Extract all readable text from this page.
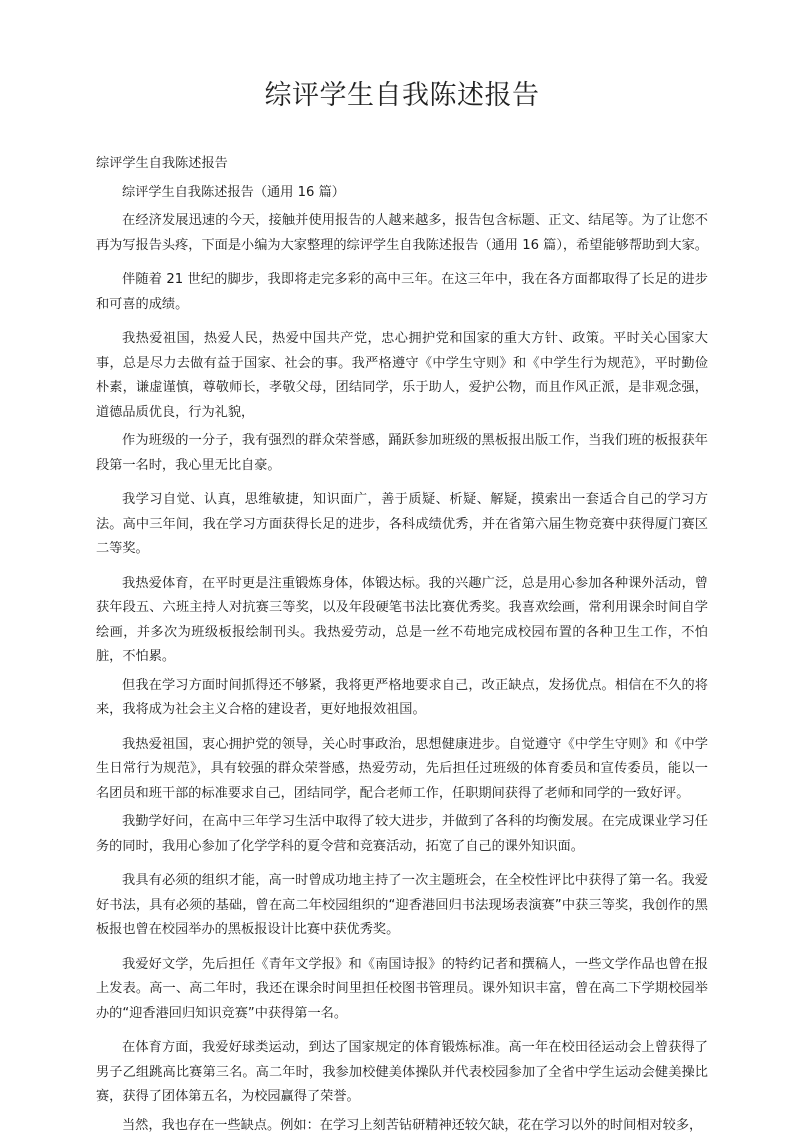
综评学生自我陈述报告

综评学生自我陈述报告

综评学生自我陈述报告（通用 16 篇）

在经济发展迅速的今天，接触并使用报告的人越来越多，报告包含标题、正文、结尾等。为了让您不再为写报告头疼，下面是小编为大家整理的综评学生自我陈述报告（通用 16 篇），希望能够帮助到大家。

伴随着 21 世纪的脚步，我即将走完多彩的高中三年。在这三年中，我在各方面都取得了长足的进步和可喜的成绩。

我热爱祖国，热爱人民，热爱中国共产党，忠心拥护党和国家的重大方针、政策。平时关心国家大事，总是尽力去做有益于国家、社会的事。我严格遵守《中学生守则》和《中学生行为规范》，平时勤俭朴素，谦虚谨慎，尊敬师长，孝敬父母，团结同学，乐于助人，爱护公物，而且作风正派，是非观念强，道德品质优良，行为礼貌，

作为班级的一分子，我有强烈的群众荣誉感，踊跃参加班级的黑板报出版工作，当我们班的板报获年段第一名时，我心里无比自豪。

我学习自觉、认真，思维敏捷，知识面广，善于质疑、析疑、解疑，摸索出一套适合自己的学习方法。高中三年间，我在学习方面获得长足的进步，各科成绩优秀，并在省第六届生物竞赛中获得厦门赛区二等奖。

我热爱体育，在平时更是注重锻炼身体，体锻达标。我的兴趣广泛，总是用心参加各种课外活动，曾获年段五、六班主持人对抗赛三等奖，以及年段硬笔书法比赛优秀奖。我喜欢绘画，常利用课余时间自学绘画，并多次为班级板报绘制刊头。我热爱劳动，总是一丝不苟地完成校园布置的各种卫生工作，不怕脏，不怕累。

但我在学习方面时间抓得还不够紧，我将更严格地要求自己，改正缺点，发扬优点。相信在不久的将来，我将成为社会主义合格的建设者，更好地报效祖国。

我热爱祖国，衷心拥护党的领导，关心时事政治，思想健康进步。自觉遵守《中学生守则》和《中学生日常行为规范》，具有较强的群众荣誉感，热爱劳动，先后担任过班级的体育委员和宣传委员，能以一名团员和班干部的标准要求自己，团结同学，配合老师工作，任职期间获得了老师和同学的一致好评。

我勤学好问，在高中三年学习生活中取得了较大进步，并做到了各科的均衡发展。在完成课业学习任务的同时，我用心参加了化学学科的夏令营和竞赛活动，拓宽了自己的课外知识面。

我具有必须的组织才能，高一时曾成功地主持了一次主题班会，在全校性评比中获得了第一名。我爱好书法，具有必须的基础，曾在高二年校园组织的“迎香港回归书法现场表演赛”中获三等奖，我创作的黑板报也曾在校园举办的黑板报设计比赛中获优秀奖。

我爱好文学，先后担任《青年文学报》和《南国诗报》的特约记者和撰稿人，一些文学作品也曾在报上发表。高一、高二年时，我还在课余时间里担任校图书管理员。课外知识丰富，曾在高二下学期校园举办的“迎香港回归知识竞赛”中获得第一名。

在体育方面，我爱好球类运动，到达了国家规定的体育锻炼标准。高一年在校田径运动会上曾获得了男子乙组跳高比赛第三名。高二年时，我参加校健美体操队并代表校园参加了全省中学生运动会健美操比赛，获得了团体第五名，为校园赢得了荣誉。

当然，我也存在一些缺点。例如：在学习上刻苦钻研精神还较欠缺，花在学习以外的时间相对较多，
